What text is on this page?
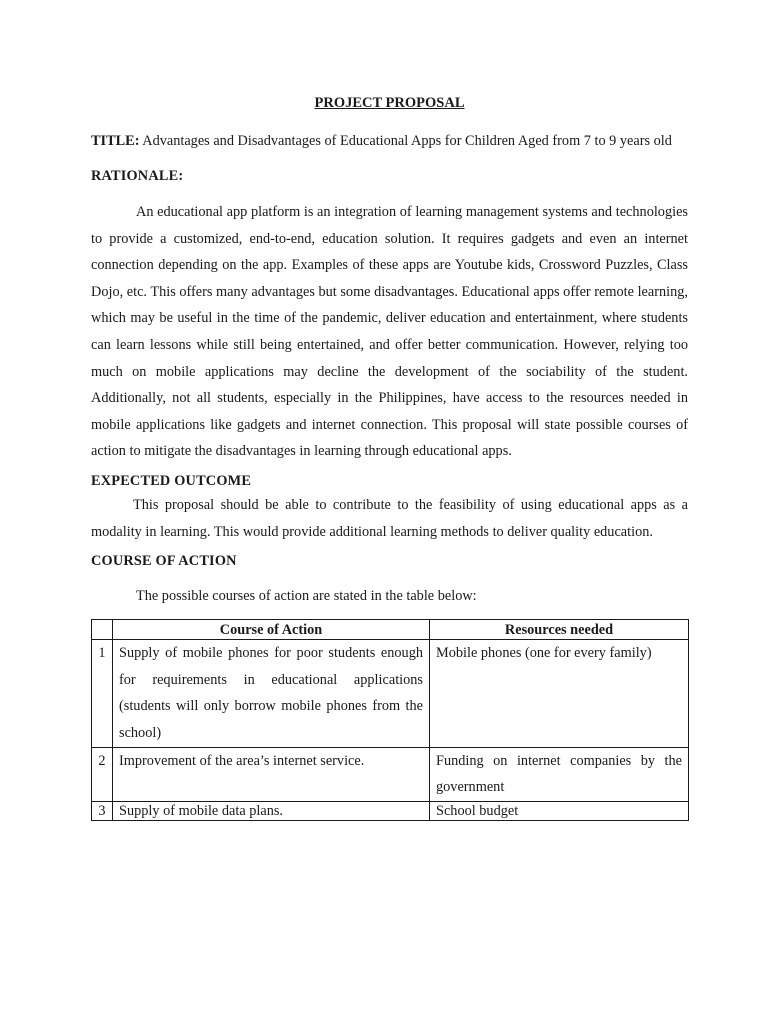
PROJECT PROPOSAL

TITLE: Advantages and Disadvantages of Educational Apps for Children Aged from 7 to 9 years old

RATIONALE:

An educational app platform is an integration of learning management systems and technologies to provide a customized, end-to-end, education solution. It requires gadgets and even an internet connection depending on the app. Examples of these apps are Youtube kids, Crossword Puzzles, Class Dojo, etc. This offers many advantages but some disadvantages. Educational apps offer remote learning, which may be useful in the time of the pandemic, deliver education and entertainment, where students can learn lessons while still being entertained, and offer better communication. However, relying too much on mobile applications may decline the development of the sociability of the student. Additionally, not all students, especially in the Philippines, have access to the resources needed in mobile applications like gadgets and internet connection. This proposal will state possible courses of action to mitigate the disadvantages in learning through educational apps.

EXPECTED OUTCOME

This proposal should be able to contribute to the feasibility of using educational apps as a modality in learning. This would provide additional learning methods to deliver quality education.

COURSE OF ACTION

The possible courses of action are stated in the table below:

	Course of Action	Resources needed
1	Supply of mobile phones for poor students enough for requirements in educational applications (students will only borrow mobile phones from the school)	Mobile phones (one for every family)
2	Improvement of the area’s internet service.	Funding on internet companies by the government
3	Supply of mobile data plans.	School budget
